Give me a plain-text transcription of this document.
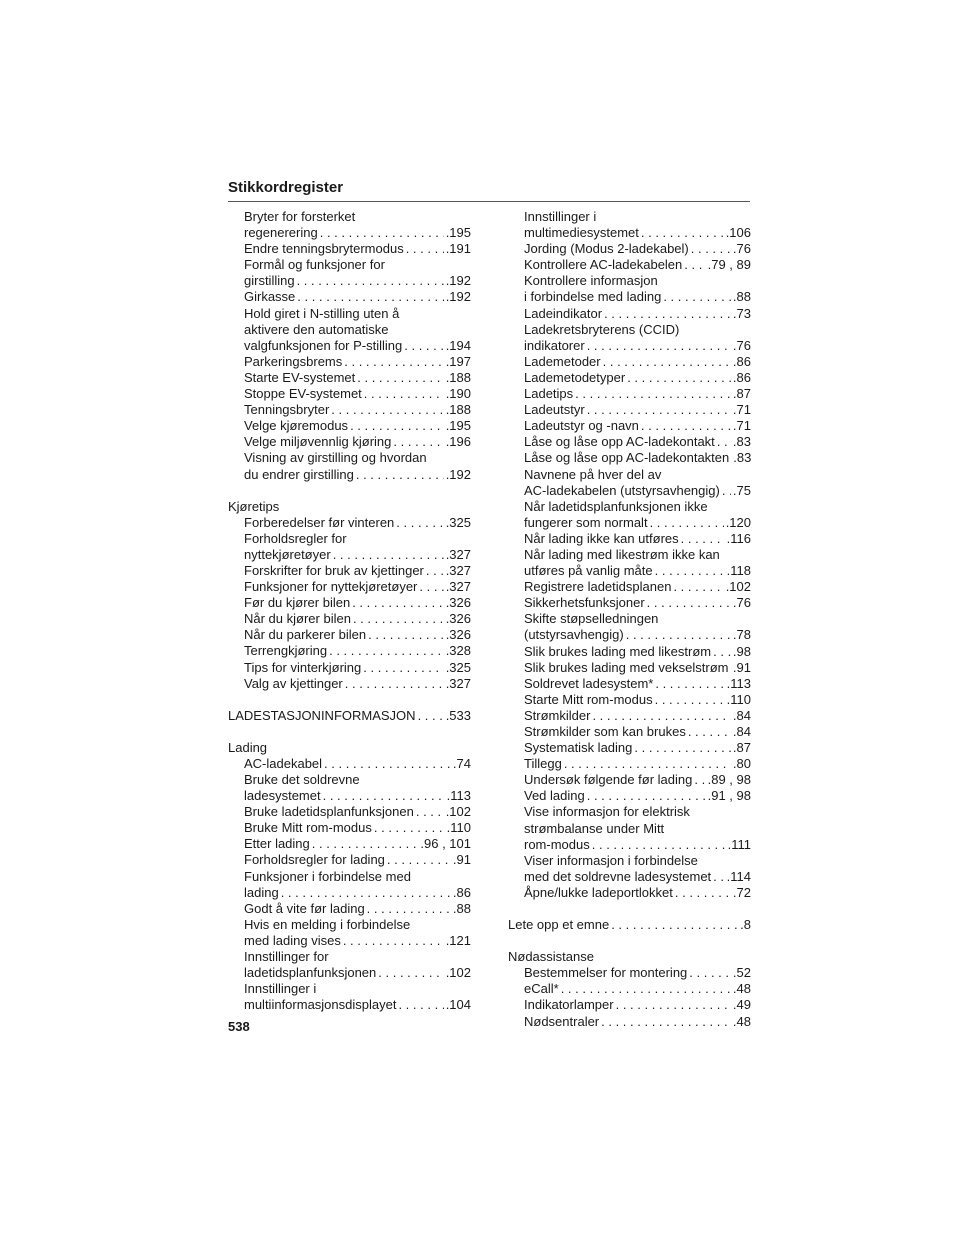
Stikkordregister
Bryter for forsterket
regenerering . . .	.195
Endre tenningsbrytermodus . . .	.191
Formål og funksjoner for
girstilling . . .	.192
Girkasse . . .	.192
Hold giret i N-stilling uten å
aktivere den automatiske
valgfunksjonen for P-stilling . . .	.194
Parkeringsbrems . . .	.197
Starte EV-systemet . . .	.188
Stoppe EV-systemet . . .	.190
Tenningsbryter . . .	.188
Velge kjøremodus . . .	.195
Velge miljøvennlig kjøring . . .	.196
Visning av girstilling og hvordan
du endrer girstilling . . .	.192
Kjøretips
Forberedelser før vinteren . . .	.325
Forholdsregler for
nyttekjøretøyer . . .	.327
Forskrifter for bruk av kjettinger . . . .327
Funksjoner for nyttekjøretøyer . . . .327
Før du kjører bilen . . .	.326
Når du kjører bilen . . .	.326
Når du parkerer bilen . . .	.326
Terrengkjøring . . .	.328
Tips for vinterkjøring . . .	.325
Valg av kjettinger . . .	.327
LADESTASJONINFORMASJON . . . .533
Lading
AC-ladekabel . . .	.74
Bruke det soldrevne
ladesystemet . . .	.113
Bruke ladetidsplanfunksjonen . . . .102
Bruke Mitt rom-modus . . .	.110
Etter lading . . .	.96 , 101
Forholdsregler for lading . . .	.91
Funksjoner i forbindelse med
lading . . .	.86
Godt å vite før lading . . .	.88
Hvis en melding i forbindelse
med lading vises . . .	.121
Innstillinger for
ladetidsplanfunksjonen . . .	.102
Innstillinger i
multiinformasjonsdisplayet . . .	.104
Innstillinger i
multimediesystemet . . .	.106
Jording (Modus 2-ladekabel) . . .	.76
Kontrollere AC-ladekabelen . . . .79 , 89
Kontrollere informasjon
i forbindelse med lading . . .	.88
Ladeindikator . . .	.73
Ladekretsbryterens (CCID)
indikatorer . . .	.76
Lademetoder . . .	.86
Lademetodetyper . . .	.86
Ladetips . . .	.87
Ladeutstyr . . .	.71
Ladeutstyr og -navn . . .	.71
Låse og låse opp AC-ladekontakt . . . .83
Låse og låse opp AC-ladekontakten .83
Navnene på hver del av
AC-ladekabelen (utstyrsavhengig) . . . .75
Når ladetidsplanfunksjonen ikke
fungerer som normalt . . .	.120
Når lading ikke kan utføres . . .	.116
Når lading med likestrøm ikke kan
utføres på vanlig måte . . .	.118
Registrere ladetidsplanen . . .	.102
Sikkerhetsfunksjoner . . .	.76
Skifte støpselledningen
(utstyrsavhengig) . . .	.78
Slik brukes lading med likestrøm . . . .98
Slik brukes lading med vekselstrøm . . . .91
Soldrevet ladesystem* . . .	.113
Starte Mitt rom-modus . . .	.110
Strømkilder . . .	.84
Strømkilder som kan brukes . . .	.84
Systematisk lading . . .	.87
Tillegg . . .	.80
Undersøk følgende før lading . . . .89 , 98
Ved lading . . .	.91 , 98
Vise informasjon for elektrisk
strømbalanse under Mitt
rom-modus . . .	.111
Viser informasjon i forbindelse
med det soldrevne ladesystemet . . . .114
Åpne/lukke ladeportlokket . . .	.72
Lete opp et emne . . .	.8
Nødassistanse
Bestemmelser for montering . . .	.52
eCall* . . .	.48
Indikatorlamper . . .	.49
Nødsentraler . . .	.48

538
